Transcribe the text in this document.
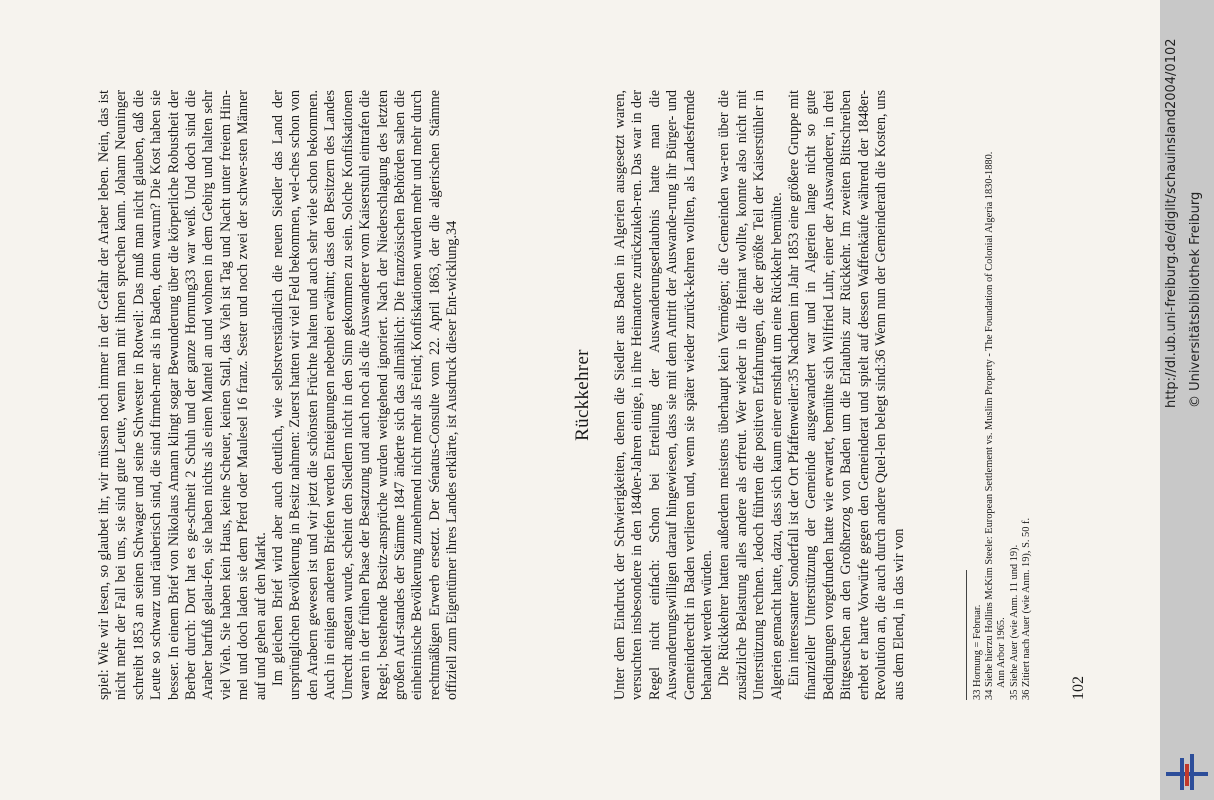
spiel: Wie wir lesen, so glaubet ihr, wir müssen noch immer in der Gefahr der Araber leben. Nein, das ist nicht mehr der Fall bei uns, sie sind gute Leute, wenn man mit ihnen sprechen kann. Johann Neuninger schreibt 1853 an seinen Schwager und seine Schwester in Rotweil: Das muß man nicht glauben, daß die Leute so schwarz und räuberisch sind, die sind firmeh-mer als in Baden, denn warum? Die Kost haben sie besser. In einem Brief von Nikolaus Amann klingt sogar Bewunderung über die körperliche Robustheit der Berber durch: Dort hat es ge-schneit 2 Schuh und der ganze Hornung33 war weiß. Und doch sind die Araber barfuß gelau-fen, sie haben nichts als einen Mantel an und wohnen in dem Gebirg und halten sehr viel Vieh. Sie haben kein Haus, keine Scheuer, keinen Stall, das Vieh ist Tag und Nacht unter freiem Him-mel und doch laden sie dem Pferd oder Maulesel 16 franz. Sester und noch zwei der schwer-sten Männer auf und gehen auf den Markt. Im gleichen Brief wird aber auch deutlich, wie selbstverständlich die neuen Siedler das Land der ursprünglichen Bevölkerung in Besitz nahmen: Zuerst hatten wir viel Feld bekommen, wel-ches schon von den Arabern gewesen ist und wir jetzt die schönsten Früchte halten und auch sehr viele schon bekommen. Auch in einigen anderen Briefen werden Enteignungen nebenbei erwähnt; dass den Besitzern des Landes Unrecht angetan wurde, scheint den Siedlern nicht in den Sinn gekommen zu sein. Solche Konfiskationen waren in der frühen Phase der Besatzung und auch noch als die Auswanderer vom Kaiserstuhl eintrafen die Regel; bestehende Besitz-ansprüche wurden weitgehend ignoriert. Nach der Niederschlagung des letzten großen Auf-standes der Stämme 1847 änderte sich das allmählich: Die französischen Behörden sahen die einheimische Bevölkerung zunehmend nicht mehr als Feind; Konfiskationen wurden mehr und mehr durch rechtmäßigen Erwerb ersetzt. Der Sénatus-Consulte vom 22. April 1863, der die algerischen Stämme offiziell zum Eigentümer ihres Landes erklärte, ist Ausdruck dieser Ent-wicklung.34	Rückkehrer Unter dem Eindruck der Schwierigkeiten, denen die Siedler aus Baden in Algerien ausgesetzt waren, versuchten insbesondere in den 1840er-Jahren einige, in ihre Heimatorte zurückzukeh-ren. Das war in der Regel nicht einfach: Schon bei Erteilung der Auswanderungserlaubnis hatte man die Auswanderungswilligen darauf hingewiesen, dass sie mit dem Antritt der Auswande-rung ihr Bürger- und Gemeinderecht in Baden verlieren und, wenn sie später wieder zurück-kehren wollten, als Landesfremde behandelt werden würden. Die Rückkehrer hatten außerdem meistens überhaupt kein Vermögen; die Gemeinden wa-ren über die zusätzliche Belastung alles andere als erfreut. Wer wieder in die Heimat wollte, konnte also nicht mit Unterstützung rechnen. Jedoch führten die positiven Erfahrungen, die der größte Teil der Kaiserstühler in Algerien gemacht hatte, dazu, dass sich kaum einer ernsthaft um eine Rückkehr bemühte. Ein interessanter Sonderfall ist der Ort Pfaffenweiler:35 Nachdem im Jahr 1853 eine größere Gruppe mit finanzieller Unterstützung der Gemeinde ausgewandert war und in Algerien lange nicht so gute Bedingungen vorgefunden hatte wie erwartet, bemühte sich Wilfried Luhr, einer der Auswanderer, in drei Bittgesuchen an den Großherzog von Baden um die Erlaubnis zur Rückkehr. Im zweiten Bittschreiben erhebt er harte Vorwürfe gegen den Gemeinderat und spielt auf dessen Waffenkäufe während der 1848er-Revolution an, die auch durch andere Quel-len belegt sind:36 Wenn nun der Gemeinderath die Kosten, uns aus dem Elend, in das wir von	33 Hornung = Februar. 34 Siehe hierzu Hollins McKim Steele: European Settlement vs. Muslim Property - The Foundation of Colonial Algeria 1830-1880. Ann Arbor 1965. 35 Siehe Auer (wie Anm. 11 und 19). 36 Zitiert nach Auer (wie Anm. 19), S. 50 f. 102
http://dl.ub.uni-freiburg.de/diglit/schauinsland2004/0102 © Universitätsbibliothek Freiburg
